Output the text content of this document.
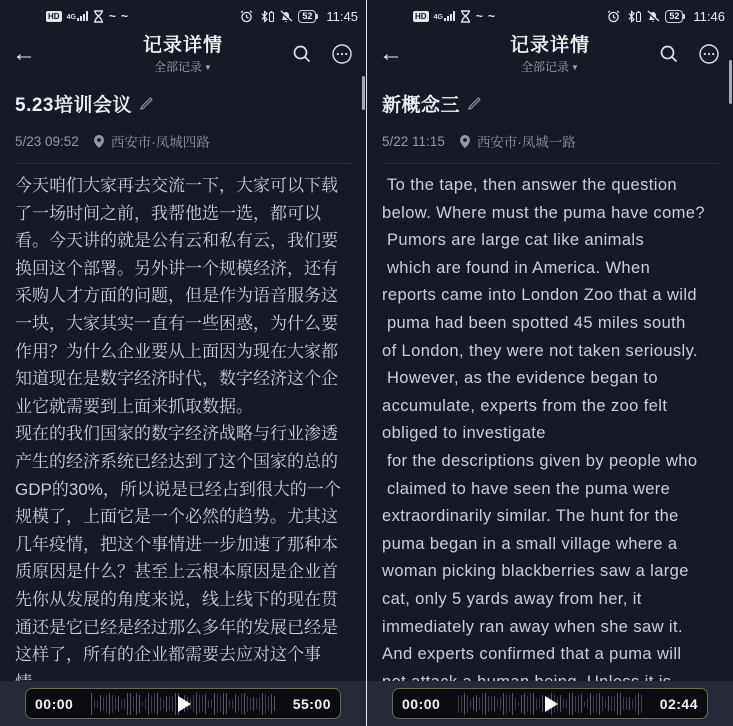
HD 4G	~ ~	52	11:45
←	记录详情
全部记录 ▼
5.23培训会议
5/23 09:52 西安市·凤城四路
今天咱们大家再去交流一下，大家可以下载
了一场时间之前，我帮他选一选，都可以
看。今天讲的就是公有云和私有云，我们要
换回这个部署。另外讲一个规模经济，还有
采购人才方面的问题，但是作为语音服务这
一块，大家其实一直有一些困惑，为什么要
作用？为什么企业要从上面因为现在大家都
知道现在是数字经济时代，数字经济这个企
业它就需要到上面来抓取数据。
现在的我们国家的数字经济战略与行业渗透
产生的经济系统已经达到了这个国家的总的
GDP的30%，所以说是已经占到很大的一个
规模了，上面它是一个必然的趋势。尤其这
几年疫情，把这个事情进一步加速了那种本
质原因是什么？甚至上云根本原因是企业首
先你从发展的角度来说，线上线下的现在贯
通还是它已经是经过那么多年的发展已经是
这样了，所有的企业都需要去应对这个事
00:00	55:00
HD 4G	~ ~	52	11:46
←	记录详情
全部记录 ▼
新概念三
5/22 11:15 西安市·凤城一路
To the tape, then answer the question
below. Where must the puma have come?
Pumors are large cat like animals
which are found in America. When
reports came into London Zoo that a wild
puma had been spotted 45 miles south
of London, they were not taken seriously.
However, as the evidence began to
accumulate, experts from the zoo felt
obliged to investigate
for the descriptions given by people who
claimed to have seen the puma were
extraordinarily similar. The hunt for the
puma began in a small village where a
woman picking blackberries saw a large
cat, only 5 yards away from her, it
immediately ran away when she saw it.
And experts confirmed that a puma will
00:00	02:44
